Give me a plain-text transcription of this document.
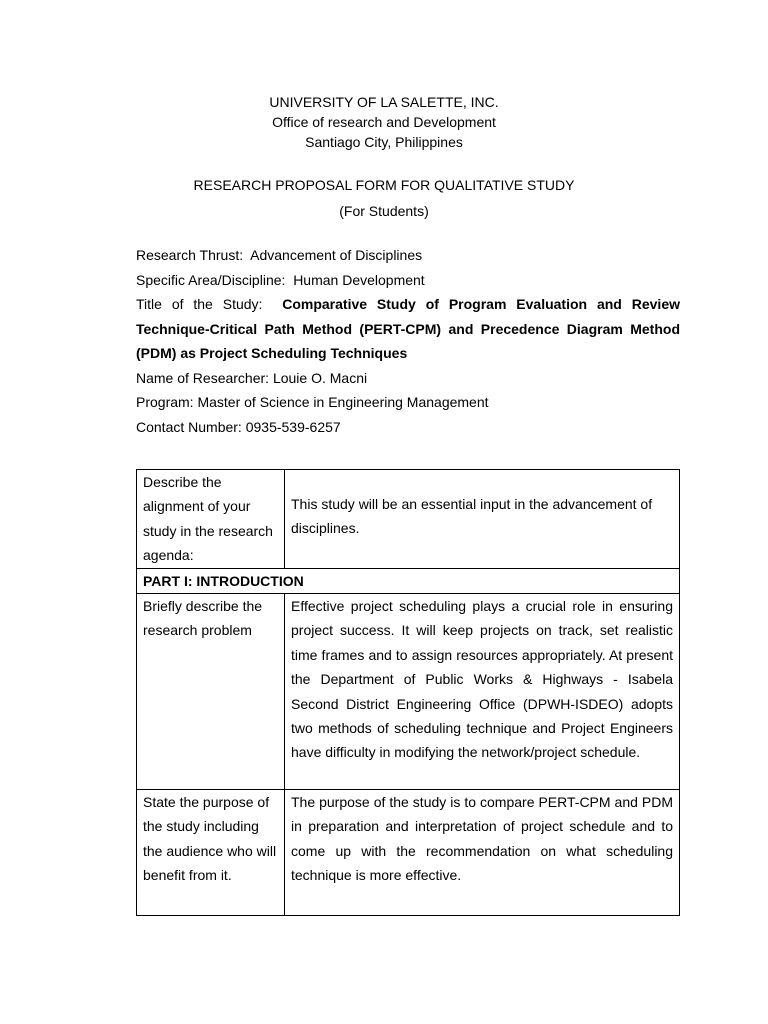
UNIVERSITY OF LA SALETTE, INC.
Office of research and Development
Santiago City, Philippines
RESEARCH PROPOSAL FORM FOR QUALITATIVE STUDY
(For Students)
Research Thrust: Advancement of Disciplines
Specific Area/Discipline: Human Development
Title of the Study: Comparative Study of Program Evaluation and Review Technique-Critical Path Method (PERT-CPM) and Precedence Diagram Method (PDM) as Project Scheduling Techniques
Name of Researcher: Louie O. Macni
Program: Master of Science in Engineering Management
Contact Number: 0935-539-6257
Describe the alignment of your study in the research agenda:	This study will be an essential input in the advancement of disciplines.
PART I: INTRODUCTION	
Briefly describe the research problem	Effective project scheduling plays a crucial role in ensuring project success. It will keep projects on track, set realistic time frames and to assign resources appropriately. At present the Department of Public Works & Highways - Isabela Second District Engineering Office (DPWH-ISDEO) adopts two methods of scheduling technique and Project Engineers have difficulty in modifying the network/project schedule.
State the purpose of the study including the audience who will benefit from it.	The purpose of the study is to compare PERT-CPM and PDM in preparation and interpretation of project schedule and to come up with the recommendation on what scheduling technique is more effective.
